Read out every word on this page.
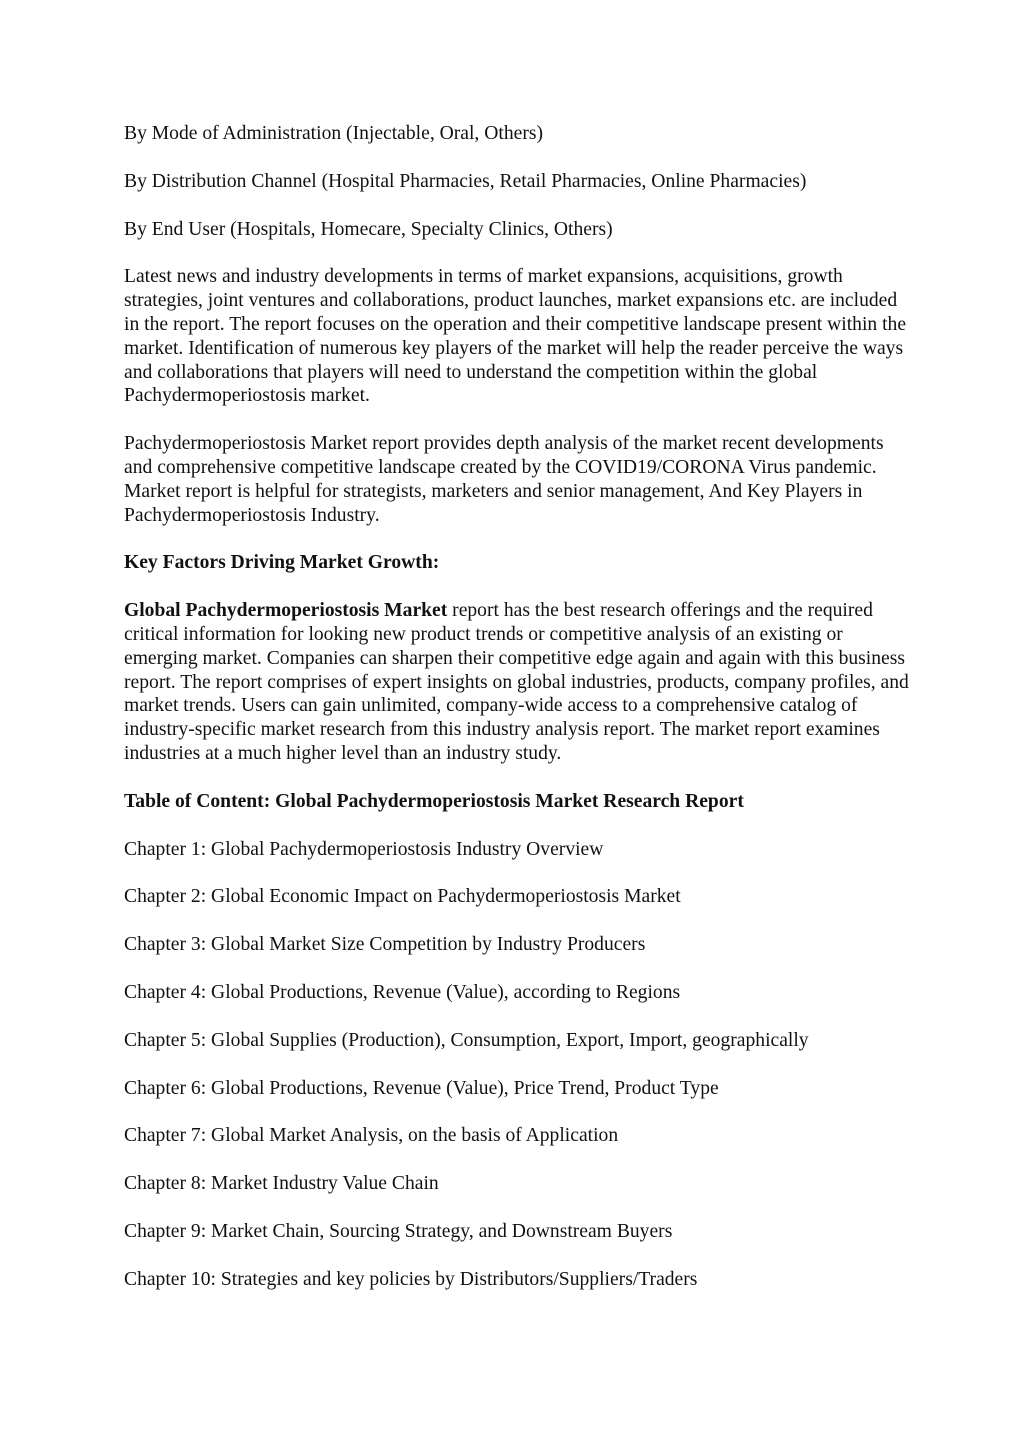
By Mode of Administration (Injectable, Oral, Others)

By Distribution Channel (Hospital Pharmacies, Retail Pharmacies, Online Pharmacies)

By End User (Hospitals, Homecare, Specialty Clinics, Others)

Latest news and industry developments in terms of market expansions, acquisitions, growth strategies, joint ventures and collaborations, product launches, market expansions etc. are included in the report. The report focuses on the operation and their competitive landscape present within the market. Identification of numerous key players of the market will help the reader perceive the ways and collaborations that players will need to understand the competition within the global Pachydermoperiostosis market.

Pachydermoperiostosis Market report provides depth analysis of the market recent developments and comprehensive competitive landscape created by the COVID19/CORONA Virus pandemic. Market report is helpful for strategists, marketers and senior management, And Key Players in Pachydermoperiostosis Industry.

Key Factors Driving Market Growth:

Global Pachydermoperiostosis Market report has the best research offerings and the required critical information for looking new product trends or competitive analysis of an existing or emerging market. Companies can sharpen their competitive edge again and again with this business report. The report comprises of expert insights on global industries, products, company profiles, and market trends. Users can gain unlimited, company-wide access to a comprehensive catalog of industry-specific market research from this industry analysis report. The market report examines industries at a much higher level than an industry study.

Table of Content: Global Pachydermoperiostosis Market Research Report

Chapter 1: Global Pachydermoperiostosis Industry Overview

Chapter 2: Global Economic Impact on Pachydermoperiostosis Market

Chapter 3: Global Market Size Competition by Industry Producers

Chapter 4: Global Productions, Revenue (Value), according to Regions

Chapter 5: Global Supplies (Production), Consumption, Export, Import, geographically

Chapter 6: Global Productions, Revenue (Value), Price Trend, Product Type

Chapter 7: Global Market Analysis, on the basis of Application

Chapter 8: Market Industry Value Chain

Chapter 9: Market Chain, Sourcing Strategy, and Downstream Buyers

Chapter 10: Strategies and key policies by Distributors/Suppliers/Traders
